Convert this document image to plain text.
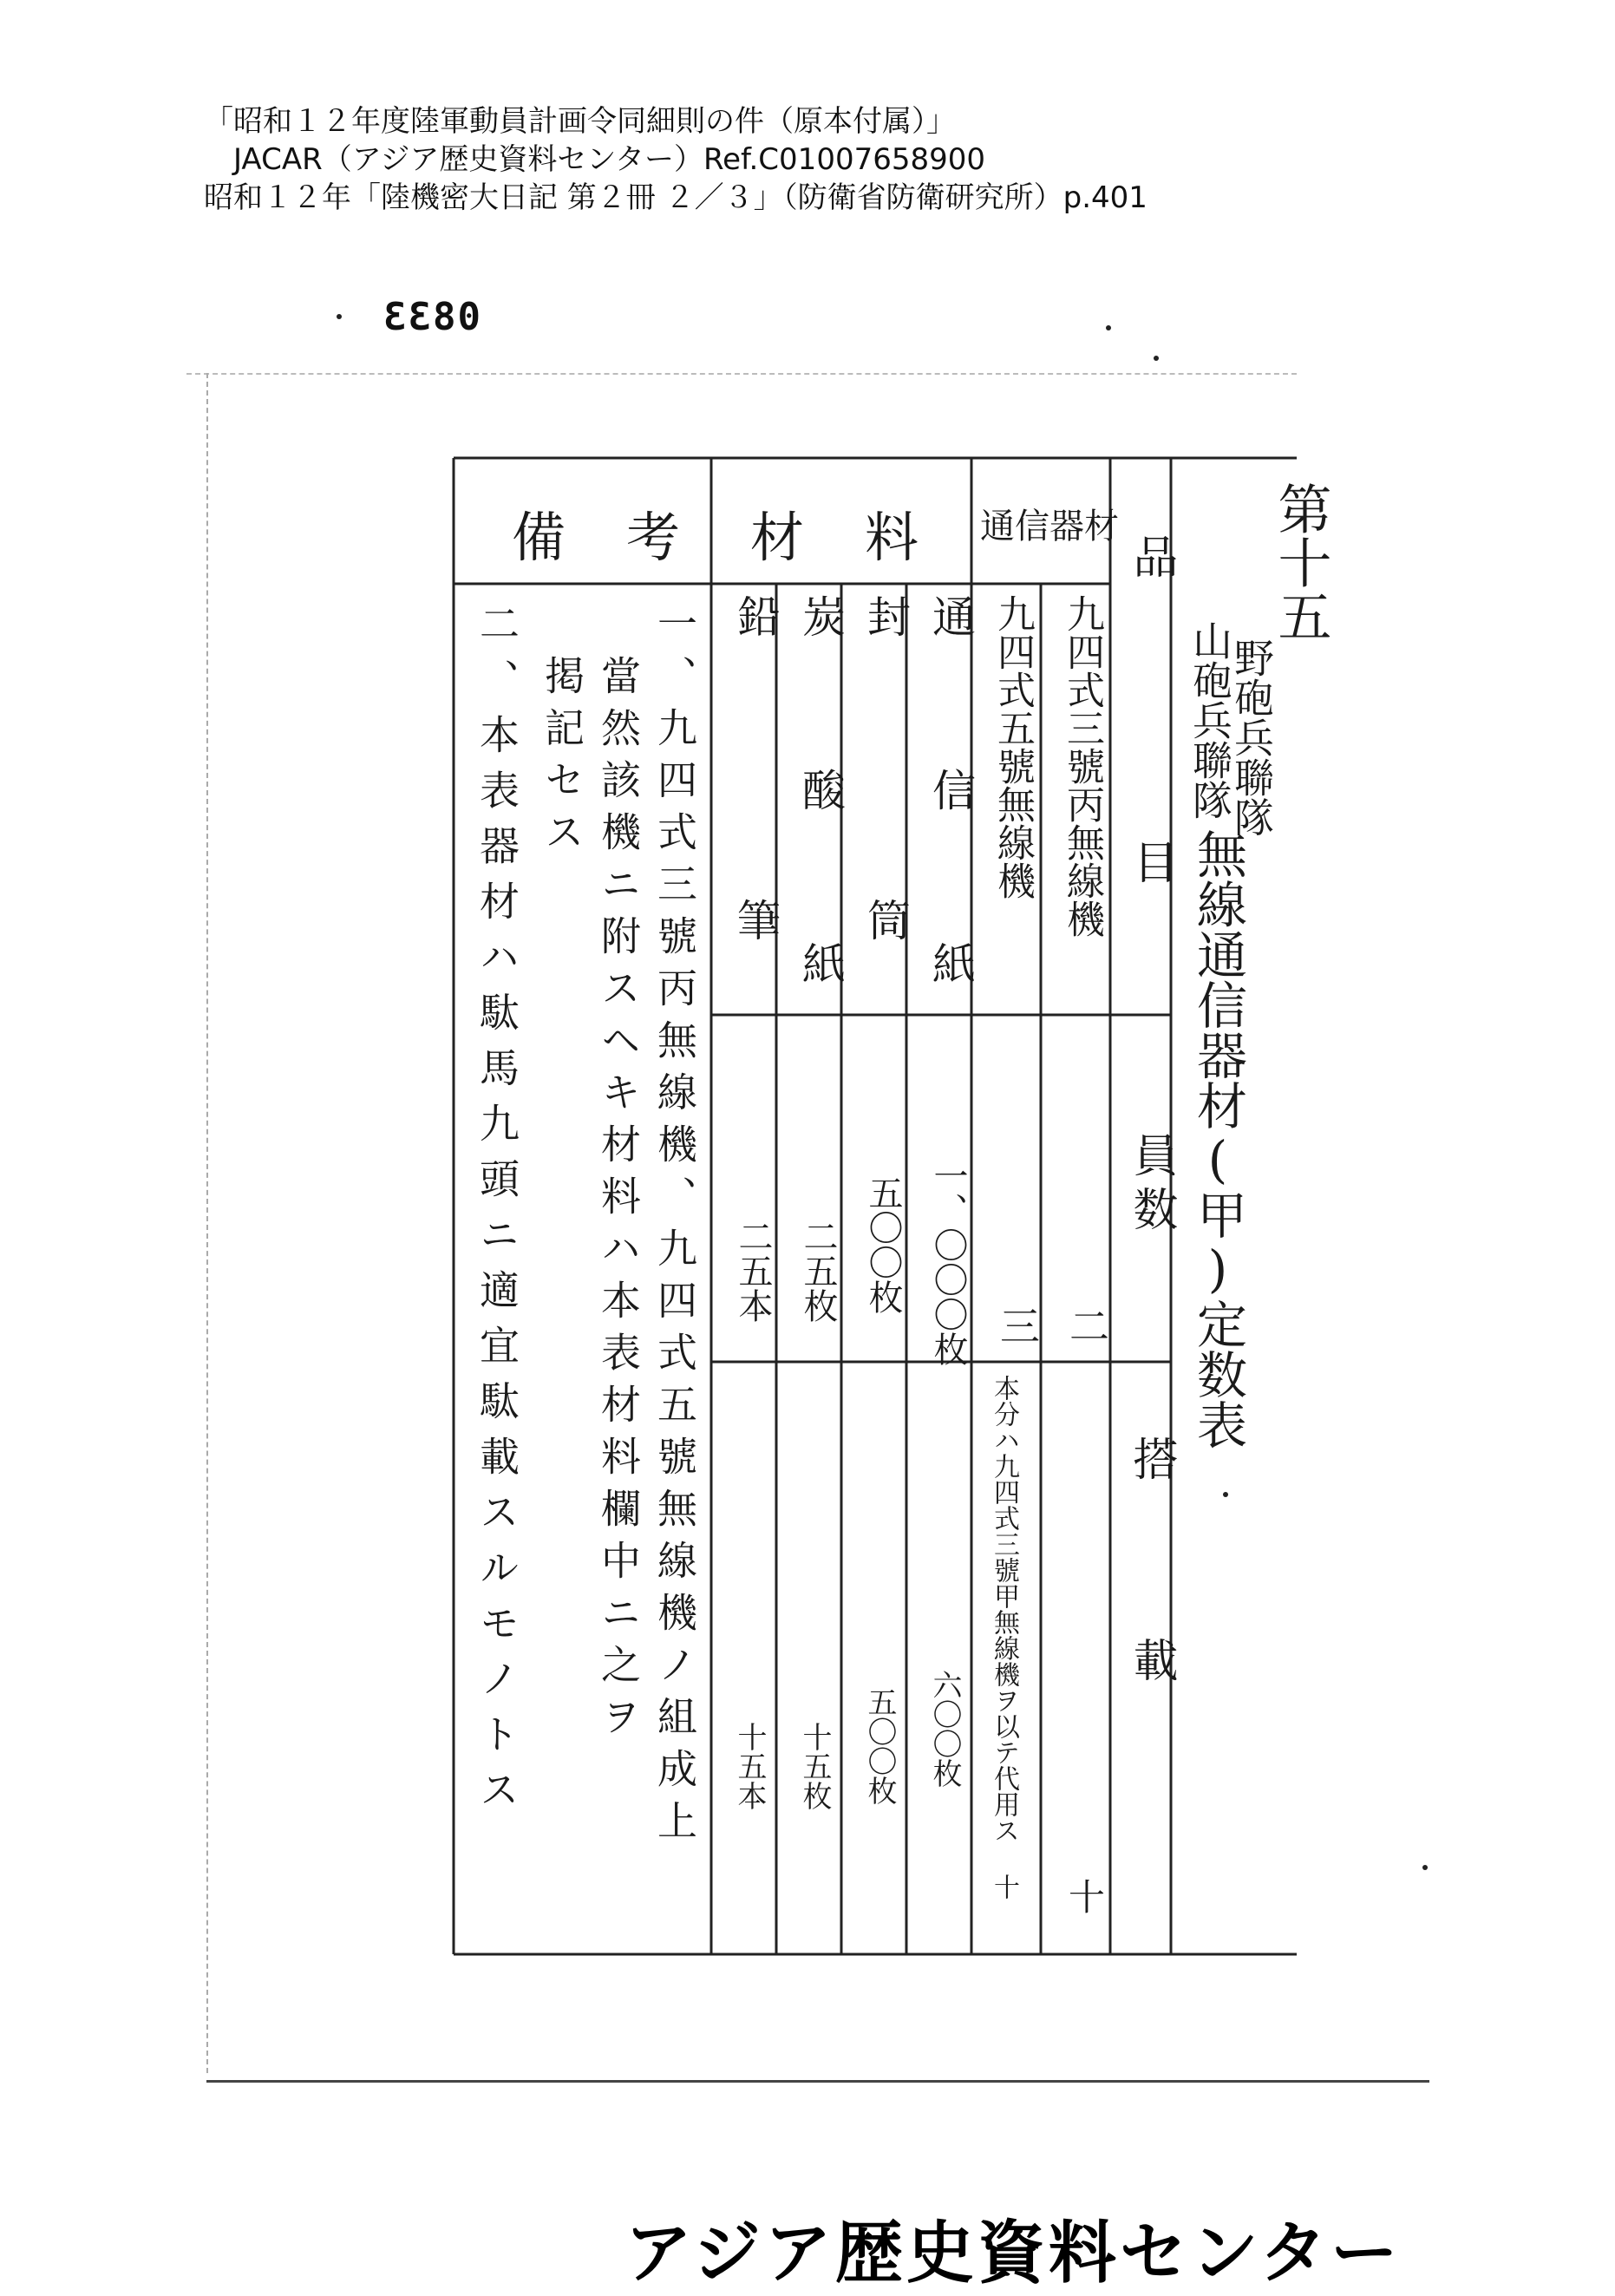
「昭和１２年度陸軍動員計画令同細則の件（原本付属）」
JACAR（アジア歴史資料センター）Ref.C01007658900
昭和１２年「陸機密大日記 第２冊 ２／３」（防衛省防衛研究所）p.401
0833
備考 材料 通信器材
品目
員数
搭載
第十五
野砲兵聯隊
山砲兵聯隊
無線通信器材(甲)定数表
九四式三號丙無線機
二
十
九四式五號無線機
三
本分ハ九四式三號甲無線機ヲ以テ代用ス 十
通信紙
一、〇〇〇枚
六〇〇枚
封筒
五〇〇枚
五〇〇枚
炭酸紙
二五枚
十五枚
鉛筆
二五本
十五本
一、九四式三號丙無線機、九四式五號無線機ノ組成上
當然該機ニ附スヘキ材料ハ本表材料欄中ニ之ヲ
掲記セス
二、本表器材ハ駄馬九頭ニ適宜駄載スルモノトス
アジア歴史資料センター
